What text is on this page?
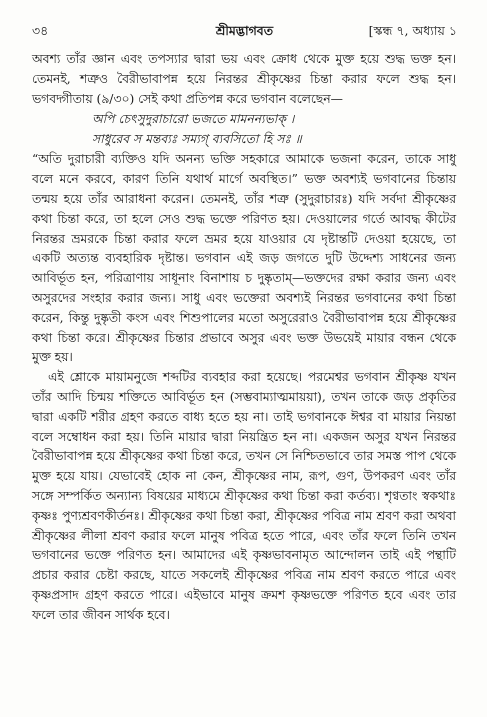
৩৪	শ্রীমদ্ভাগবত	[স্কন্ধ ৭, অধ্যায় ১

অবশ্য তাঁর জ্ঞান এবং তপস্যার দ্বারা ভয় এবং ক্রোধ থেকে মুক্ত হয়ে শুদ্ধ ভক্ত হন। তেমনই, শত্রুও বৈরীভাবাপন্ন হয়ে নিরন্তর শ্রীকৃষ্ণের চিন্তা করার ফলে শুদ্ধ হন। ভগবদ্গীতায় (৯/৩০) সেই কথা প্রতিপন্ন করে ভগবান বলেছেন—

অপি চেৎসুদুরাচারো ভজতে মামনন্যভাক্ ।
সাধুরেব স মন্তব্যঃ সম্যগ্ ব্যবসিতো হি সঃ ॥

“অতি দুরাচারী ব্যক্তিও যদি অনন্য ভক্তি সহকারে আমাকে ভজনা করেন, তাকে সাধু বলে মনে করবে, কারণ তিনি যথার্থ মার্গে অবস্থিত।” ভক্ত অবশ্যই ভগবানের চিন্তায় তন্ময় হয়ে তাঁর আরাধনা করেন। তেমনই, তাঁর শত্রু (সুদুরাচারঃ) যদি সর্বদা শ্রীকৃষ্ণের কথা চিন্তা করে, তা হলে সেও শুদ্ধ ভক্তে পরিণত হয়। দেওয়ালের গর্তে আবদ্ধ কীটের নিরন্তর ভ্রমরকে চিন্তা করার ফলে ভ্রমর হয়ে যাওয়ার যে দৃষ্টান্তটি দেওয়া হয়েছে, তা একটি অত্যন্ত ব্যবহারিক দৃষ্টান্ত। ভগবান এই জড় জগতে দুটি উদ্দেশ্য সাধনের জন্য আবির্ভূত হন, পরিত্রাণায় সাধূনাং বিনাশায় চ দুষ্কৃতাম্—ভক্তদের রক্ষা করার জন্য এবং অসুরদের সংহার করার জন্য। সাধু এবং ভক্তেরা অবশ্যই নিরন্তর ভগবানের কথা চিন্তা করেন, কিন্তু দুষ্কৃতী কংস এবং শিশুপালের মতো অসুরেরাও বৈরীভাবাপন্ন হয়ে শ্রীকৃষ্ণের কথা চিন্তা করে। শ্রীকৃষ্ণের চিন্তার প্রভাবে অসুর এবং ভক্ত উভয়েই মায়ার বন্ধন থেকে মুক্ত হয়।

এই শ্লোকে মায়ামনুজে শব্দটির ব্যবহার করা হয়েছে। পরমেশ্বর ভগবান শ্রীকৃষ্ণ যখন তাঁর আদি চিন্ময় শক্তিতে আবির্ভূত হন (সম্ভবাম্যাত্মমায়য়া), তখন তাকে জড় প্রকৃতির দ্বারা একটি শরীর গ্রহণ করতে বাধ্য হতে হয় না। তাই ভগবানকে ঈশ্বর বা মায়ার নিয়ন্তা বলে সম্বোধন করা হয়। তিনি মায়ার দ্বারা নিয়ন্ত্রিত হন না। একজন অসুর যখন নিরন্তর বৈরীভাবাপন্ন হয়ে শ্রীকৃষ্ণের কথা চিন্তা করে, তখন সে নিশ্চিতভাবে তার সমস্ত পাপ থেকে মুক্ত হয়ে যায়। যেভাবেই হোক না কেন, শ্রীকৃষ্ণের নাম, রূপ, গুণ, উপকরণ এবং তাঁর সঙ্গে সম্পর্কিত অন্যান্য বিষয়ের মাধ্যমে শ্রীকৃষ্ণের কথা চিন্তা করা কর্তব্য। শৃণ্বতাং স্বকথাঃ কৃষ্ণঃ পুণ্যশ্রবণকীর্তনঃ। শ্রীকৃষ্ণের কথা চিন্তা করা, শ্রীকৃষ্ণের পবিত্র নাম শ্রবণ করা অথবা শ্রীকৃষ্ণের লীলা শ্রবণ করার ফলে মানুষ পবিত্র হতে পারে, এবং তাঁর ফলে তিনি তখন ভগবানের ভক্তে পরিণত হন। আমাদের এই কৃষ্ণভাবনামৃত আন্দোলন তাই এই পন্থাটি প্রচার করার চেষ্টা করছে, যাতে সকলেই শ্রীকৃষ্ণের পবিত্র নাম শ্রবণ করতে পারে এবং কৃষ্ণপ্রসাদ গ্রহণ করতে পারে। এইভাবে মানুষ ক্রমশ কৃষ্ণভক্তে পরিণত হবে এবং তার ফলে তার জীবন সার্থক হবে।
